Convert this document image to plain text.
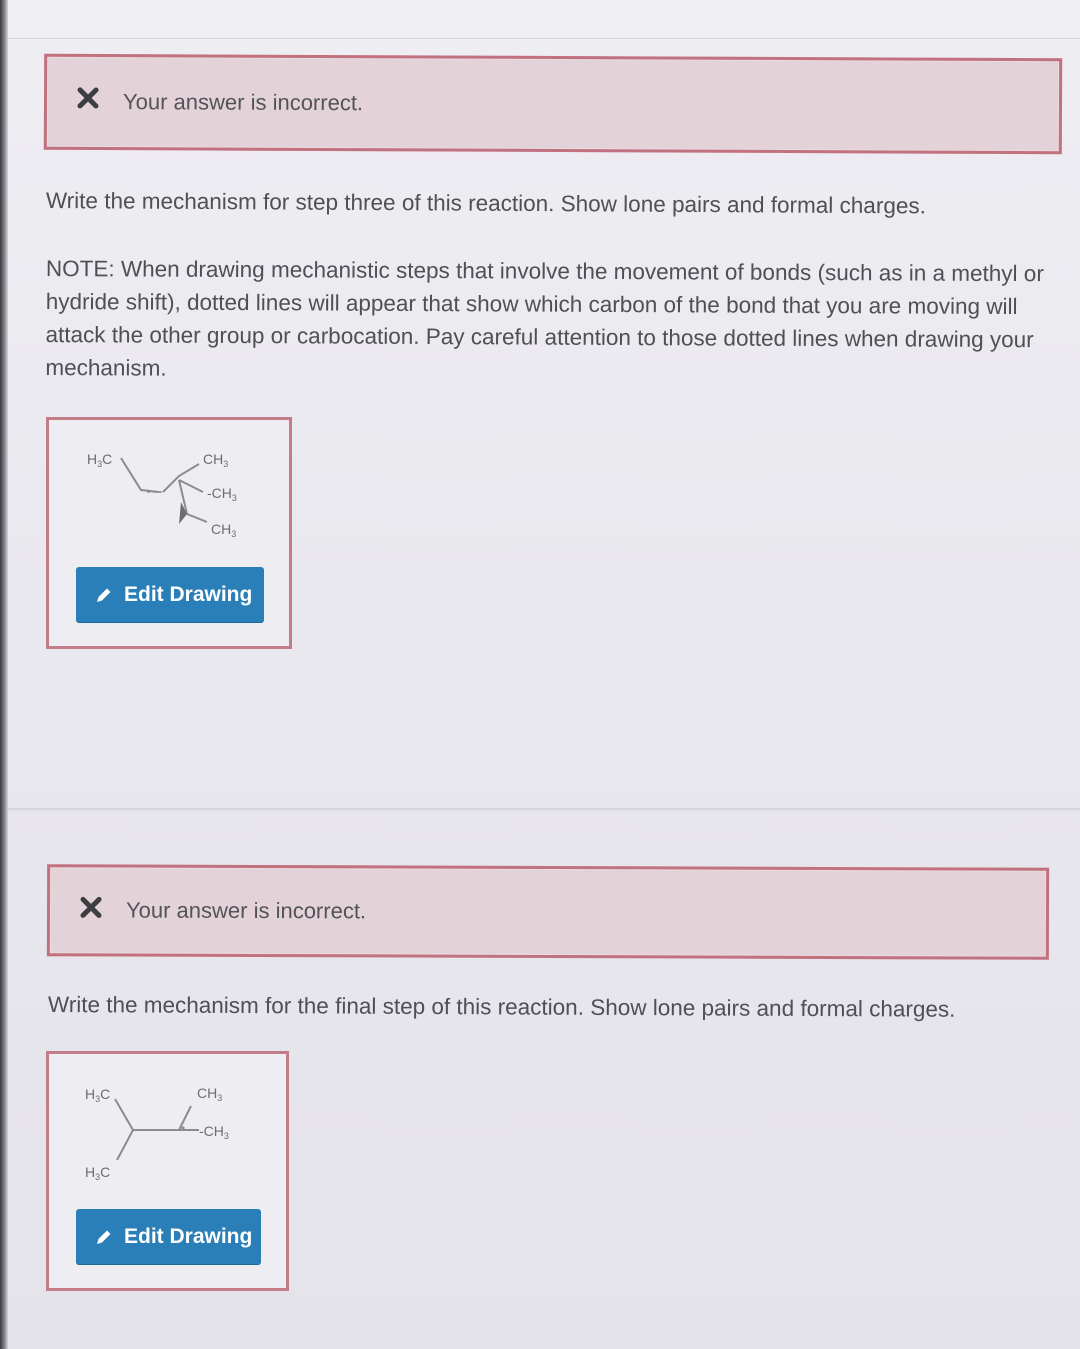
Your answer is incorrect.

Write the mechanism for step three of this reaction. Show lone pairs and formal charges.

NOTE: When drawing mechanistic steps that involve the movement of bonds (such as in a methyl or hydride shift), dotted lines will appear that show which carbon of the bond that you are moving will attack the other group or carbocation. Pay careful attention to those dotted lines when drawing your mechanism.

$H_3C$	$CH_3$
$-CH_3$
$CH_3$
Edit Drawing
Your answer is incorrect.

Write the mechanism for the final step of this reaction. Show lone pairs and formal charges.

$H_3C$
$H_3C$
$CH_3$
$-CH_3$
Edit Drawing
